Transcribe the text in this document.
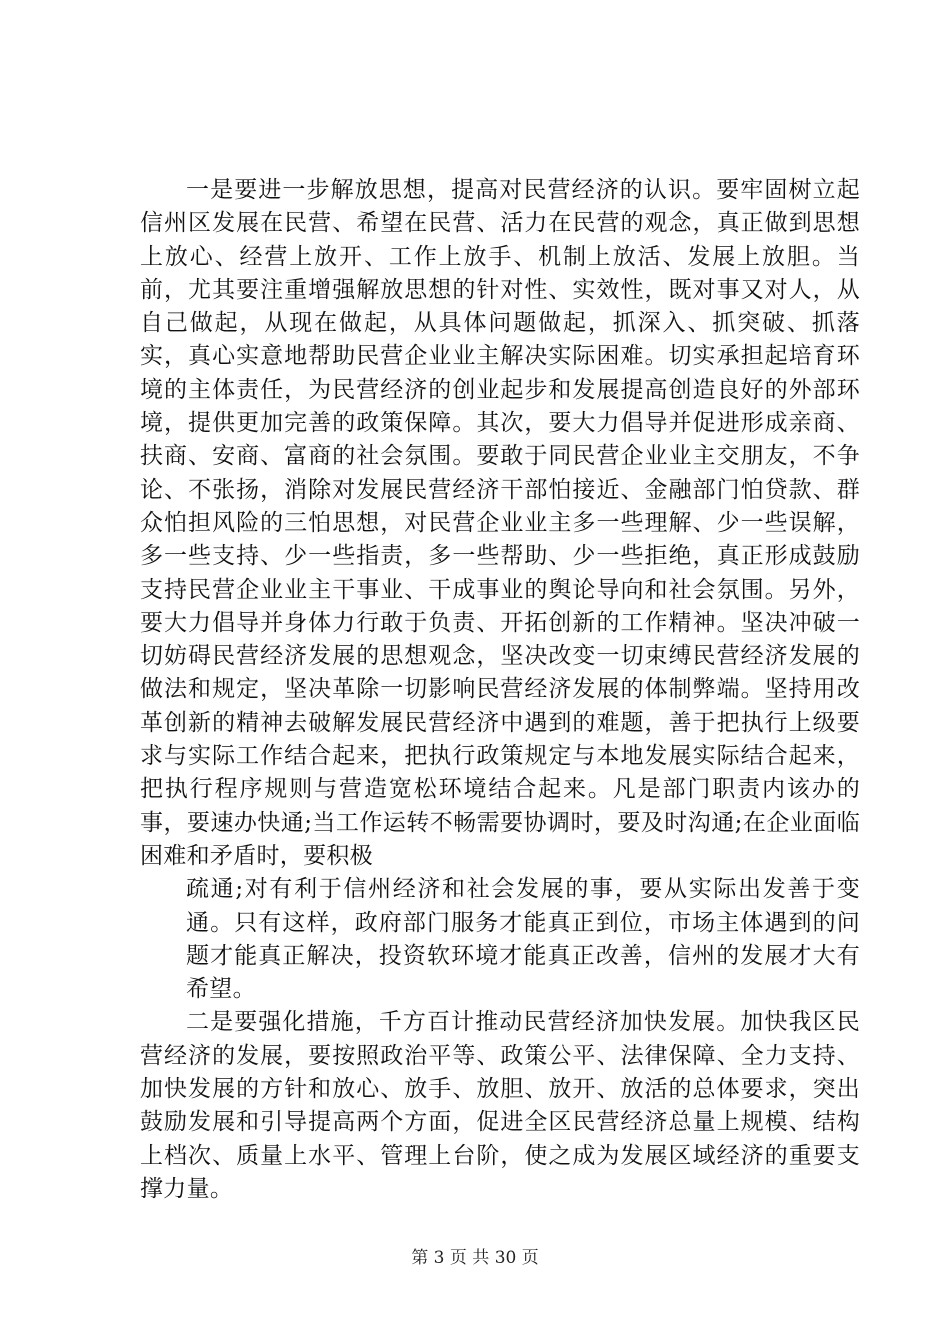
一是要进一步解放思想，提高对民营经济的认识。要牢固树立起信州区发展在民营、希望在民营、活力在民营的观念，真正做到思想上放心、经营上放开、工作上放手、机制上放活、发展上放胆。当前，尤其要注重增强解放思想的针对性、实效性，既对事又对人，从自己做起，从现在做起，从具体问题做起，抓深入、抓突破、抓落实，真心实意地帮助民营企业业主解决实际困难。切实承担起培育环境的主体责任，为民营经济的创业起步和发展提高创造良好的外部环境，提供更加完善的政策保障。其次，要大力倡导并促进形成亲商、扶商、安商、富商的社会氛围。要敢于同民营企业业主交朋友，不争论、不张扬，消除对发展民营经济干部怕接近、金融部门怕贷款、群众怕担风险的三怕思想，对民营企业业主多一些理解、少一些误解，多一些支持、少一些指责，多一些帮助、少一些拒绝，真正形成鼓励支持民营企业业主干事业、干成事业的舆论导向和社会氛围。另外，要大力倡导并身体力行敢于负责、开拓创新的工作精神。坚决冲破一切妨碍民营经济发展的思想观念，坚决改变一切束缚民营经济发展的做法和规定，坚决革除一切影响民营经济发展的体制弊端。坚持用改革创新的精神去破解发展民营经济中遇到的难题，善于把执行上级要求与实际工作结合起来，把执行政策规定与本地发展实际结合起来，把执行程序规则与营造宽松环境结合起来。凡是部门职责内该办的事，要速办快通;当工作运转不畅需要协调时，要及时沟通;在企业面临困难和矛盾时，要积极

疏通;对有利于信州经济和社会发展的事，要从实际出发善于变通。只有这样，政府部门服务才能真正到位，市场主体遇到的问题才能真正解决，投资软环境才能真正改善，信州的发展才大有希望。

二是要强化措施，千方百计推动民营经济加快发展。加快我区民营经济的发展，要按照政治平等、政策公平、法律保障、全力支持、加快发展的方针和放心、放手、放胆、放开、放活的总体要求，突出鼓励发展和引导提高两个方面，促进全区民营经济总量上规模、结构上档次、质量上水平、管理上台阶，使之成为发展区域经济的重要支撑力量。

第 3 页 共 30 页
